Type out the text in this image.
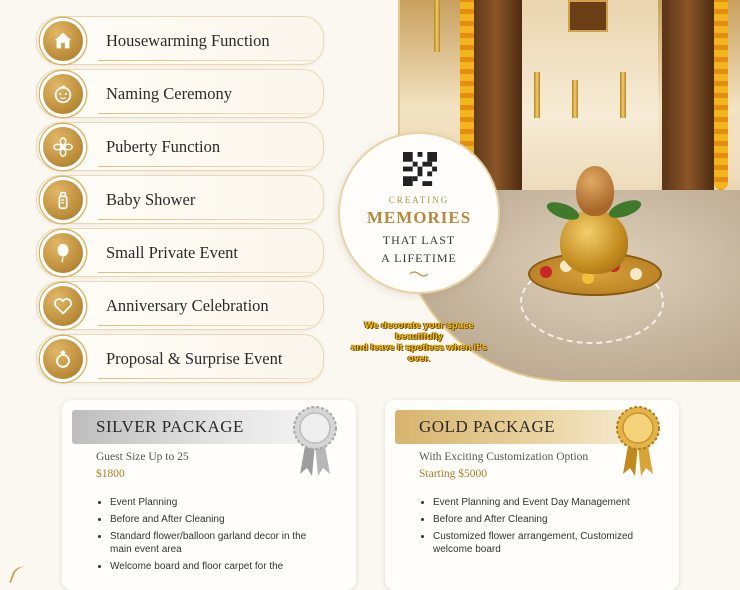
Housewarming Function
Naming Ceremony
Puberty Function
Baby Shower
Small Private Event
Anniversary Celebration
Proposal & Surprise Event
CREATING
MEMORIES
THAT LAST
A LIFETIME
We decorate your space
beautifully
and leave it spotless when it's
over.
SILVER PACKAGE
Guest Size Up to 25
$1800
• Event Planning
• Before and After Cleaning
• Standard flower/balloon garland decor in the main event area
• Welcome board and floor carpet for the
GOLD PACKAGE
With Exciting Customization Option
Starting $5000
• Event Planning and Event Day Management
• Before and After Cleaning
• Customized flower arrangement, Customized welcome board
